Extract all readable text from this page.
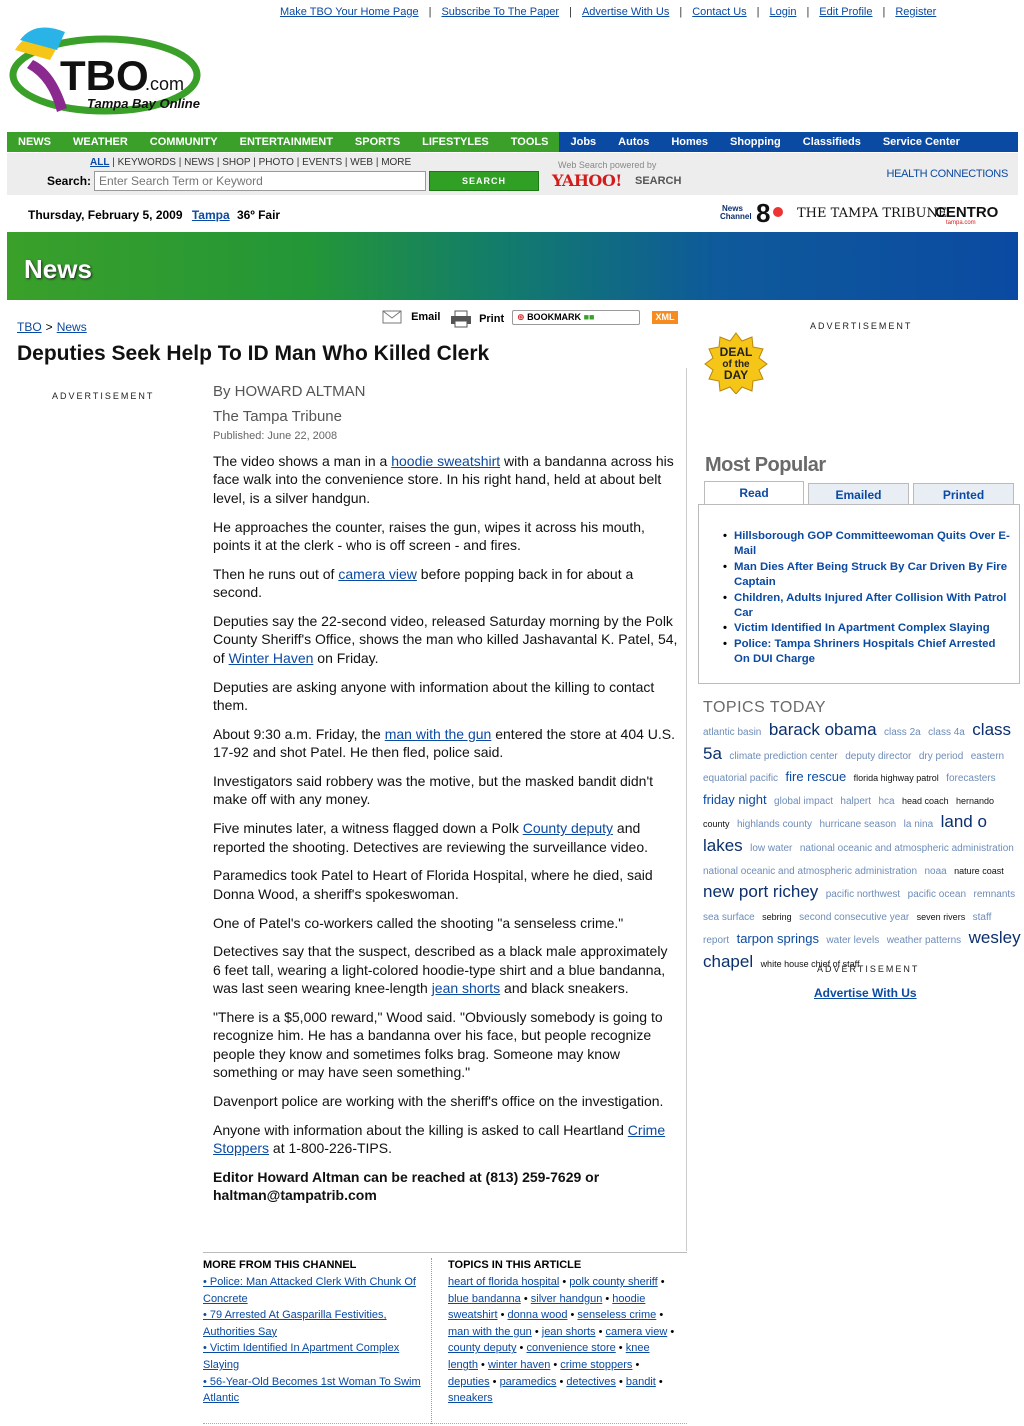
Make TBO Your Home Page | Subscribe To The Paper | Advertise With Us | Contact Us | Login | Edit Profile | Register
TBO
.com
Tampa Bay Online
NEWS	WEATHER	COMMUNITY	ENTERTAINMENT	SPORTS	LIFESTYLES	TOOLS	Jobs	Autos	Homes	Shopping	Classifieds	Service Center
ALL | KEYWORDS | NEWS | SHOP | PHOTO | EVENTS | WEB | MORE
Search:
Enter Search Term or Keyword	SEARCH
Web Search powered by
YAHOO! SEARCH
HEALTH CONNECTIONS
Thursday, February 5, 2009 Tampa 36º Fair	News
Channel 8 THE TAMPA TRIBUNE
CENTRO
tampa.com
News
Email	Print	⊕ BOOKMARK ■■	XML
TBO > News
Deputies Seek Help To ID Man Who Killed Clerk
ADVERTISEMENT	By HOWARD ALTMAN
The Tampa Tribune
Published: June 22, 2008

The video shows a man in a hoodie sweatshirt with a bandanna across his face walk into the convenience store. In his right hand, held at about belt level, is a silver handgun.

He approaches the counter, raises the gun, wipes it across his mouth, points it at the clerk - who is off screen - and fires.

Then he runs out of camera view before popping back in for about a second.

Deputies say the 22-second video, released Saturday morning by the Polk County Sheriff's Office, shows the man who killed Jashavantal K. Patel, 54, of Winter Haven on Friday.

Deputies are asking anyone with information about the killing to contact them.

About 9:30 a.m. Friday, the man with the gun entered the store at 404 U.S. 17-92 and shot Patel. He then fled, police said.

Investigators said robbery was the motive, but the masked bandit didn't make off with any money.

Five minutes later, a witness flagged down a Polk County deputy and reported the shooting. Detectives are reviewing the surveillance video.

Paramedics took Patel to Heart of Florida Hospital, where he died, said Donna Wood, a sheriff's spokeswoman.

One of Patel's co-workers called the shooting "a senseless crime."

Detectives say that the suspect, described as a black male approximately 6 feet tall, wearing a light-colored hoodie-type shirt and a blue bandanna, was last seen wearing knee-length jean shorts and black sneakers.

"There is a $5,000 reward," Wood said. "Obviously somebody is going to recognize him. He has a bandanna over his face, but people recognize people they know and sometimes folks brag. Someone may know something or may have seen something."

Davenport police are working with the sheriff's office on the investigation.

Anyone with information about the killing is asked to call Heartland Crime Stoppers at 1-800-226-TIPS.

Editor Howard Altman can be reached at (813) 259-7629 or haltman@tampatrib.com

MORE FROM THIS CHANNEL
• Police: Man Attacked Clerk With Chunk Of Concrete
• 79 Arrested At Gasparilla Festivities, Authorities Say
• Victim Identified In Apartment Complex Slaying
• 56-Year-Old Becomes 1st Woman To Swim Atlantic
TOPICS IN THIS ARTICLE
heart of florida hospital • polk county sheriff • blue bandanna • silver handgun • hoodie sweatshirt • donna wood • senseless crime • man with the gun • jean shorts • camera view • county deputy • convenience store • knee length • winter haven • crime stoppers • deputies • paramedics • detectives • bandit • sneakers
ADVERTISEMENT
DEAL
of the
DAY
Most Popular
Read	Emailed	Printed
• Hillsborough GOP Committeewoman Quits Over E-Mail
• Man Dies After Being Struck By Car Driven By Fire Captain
• Children, Adults Injured After Collision With Patrol Car
• Victim Identified In Apartment Complex Slaying
• Police: Tampa Shriners Hospitals Chief Arrested On DUI Charge
TOPICS TODAY
atlantic basin barack obama class 2a class 4a class 5a climate prediction center deputy director dry period eastern equatorial pacific fire rescue florida highway patrol forecasters friday night global impact halpert hca head coach hernando county highlands county hurricane season la nina land o lakes low water national oceanic and atmospheric administration national oceanic and atmospheric administration noaa nature coast new port richey pacific northwest pacific ocean remnants sea surface sebring second consecutive year seven rivers staff report tarpon springs water levels weather patterns wesley chapel white house chief of staff
ADVERTISEMENT
Advertise With Us
